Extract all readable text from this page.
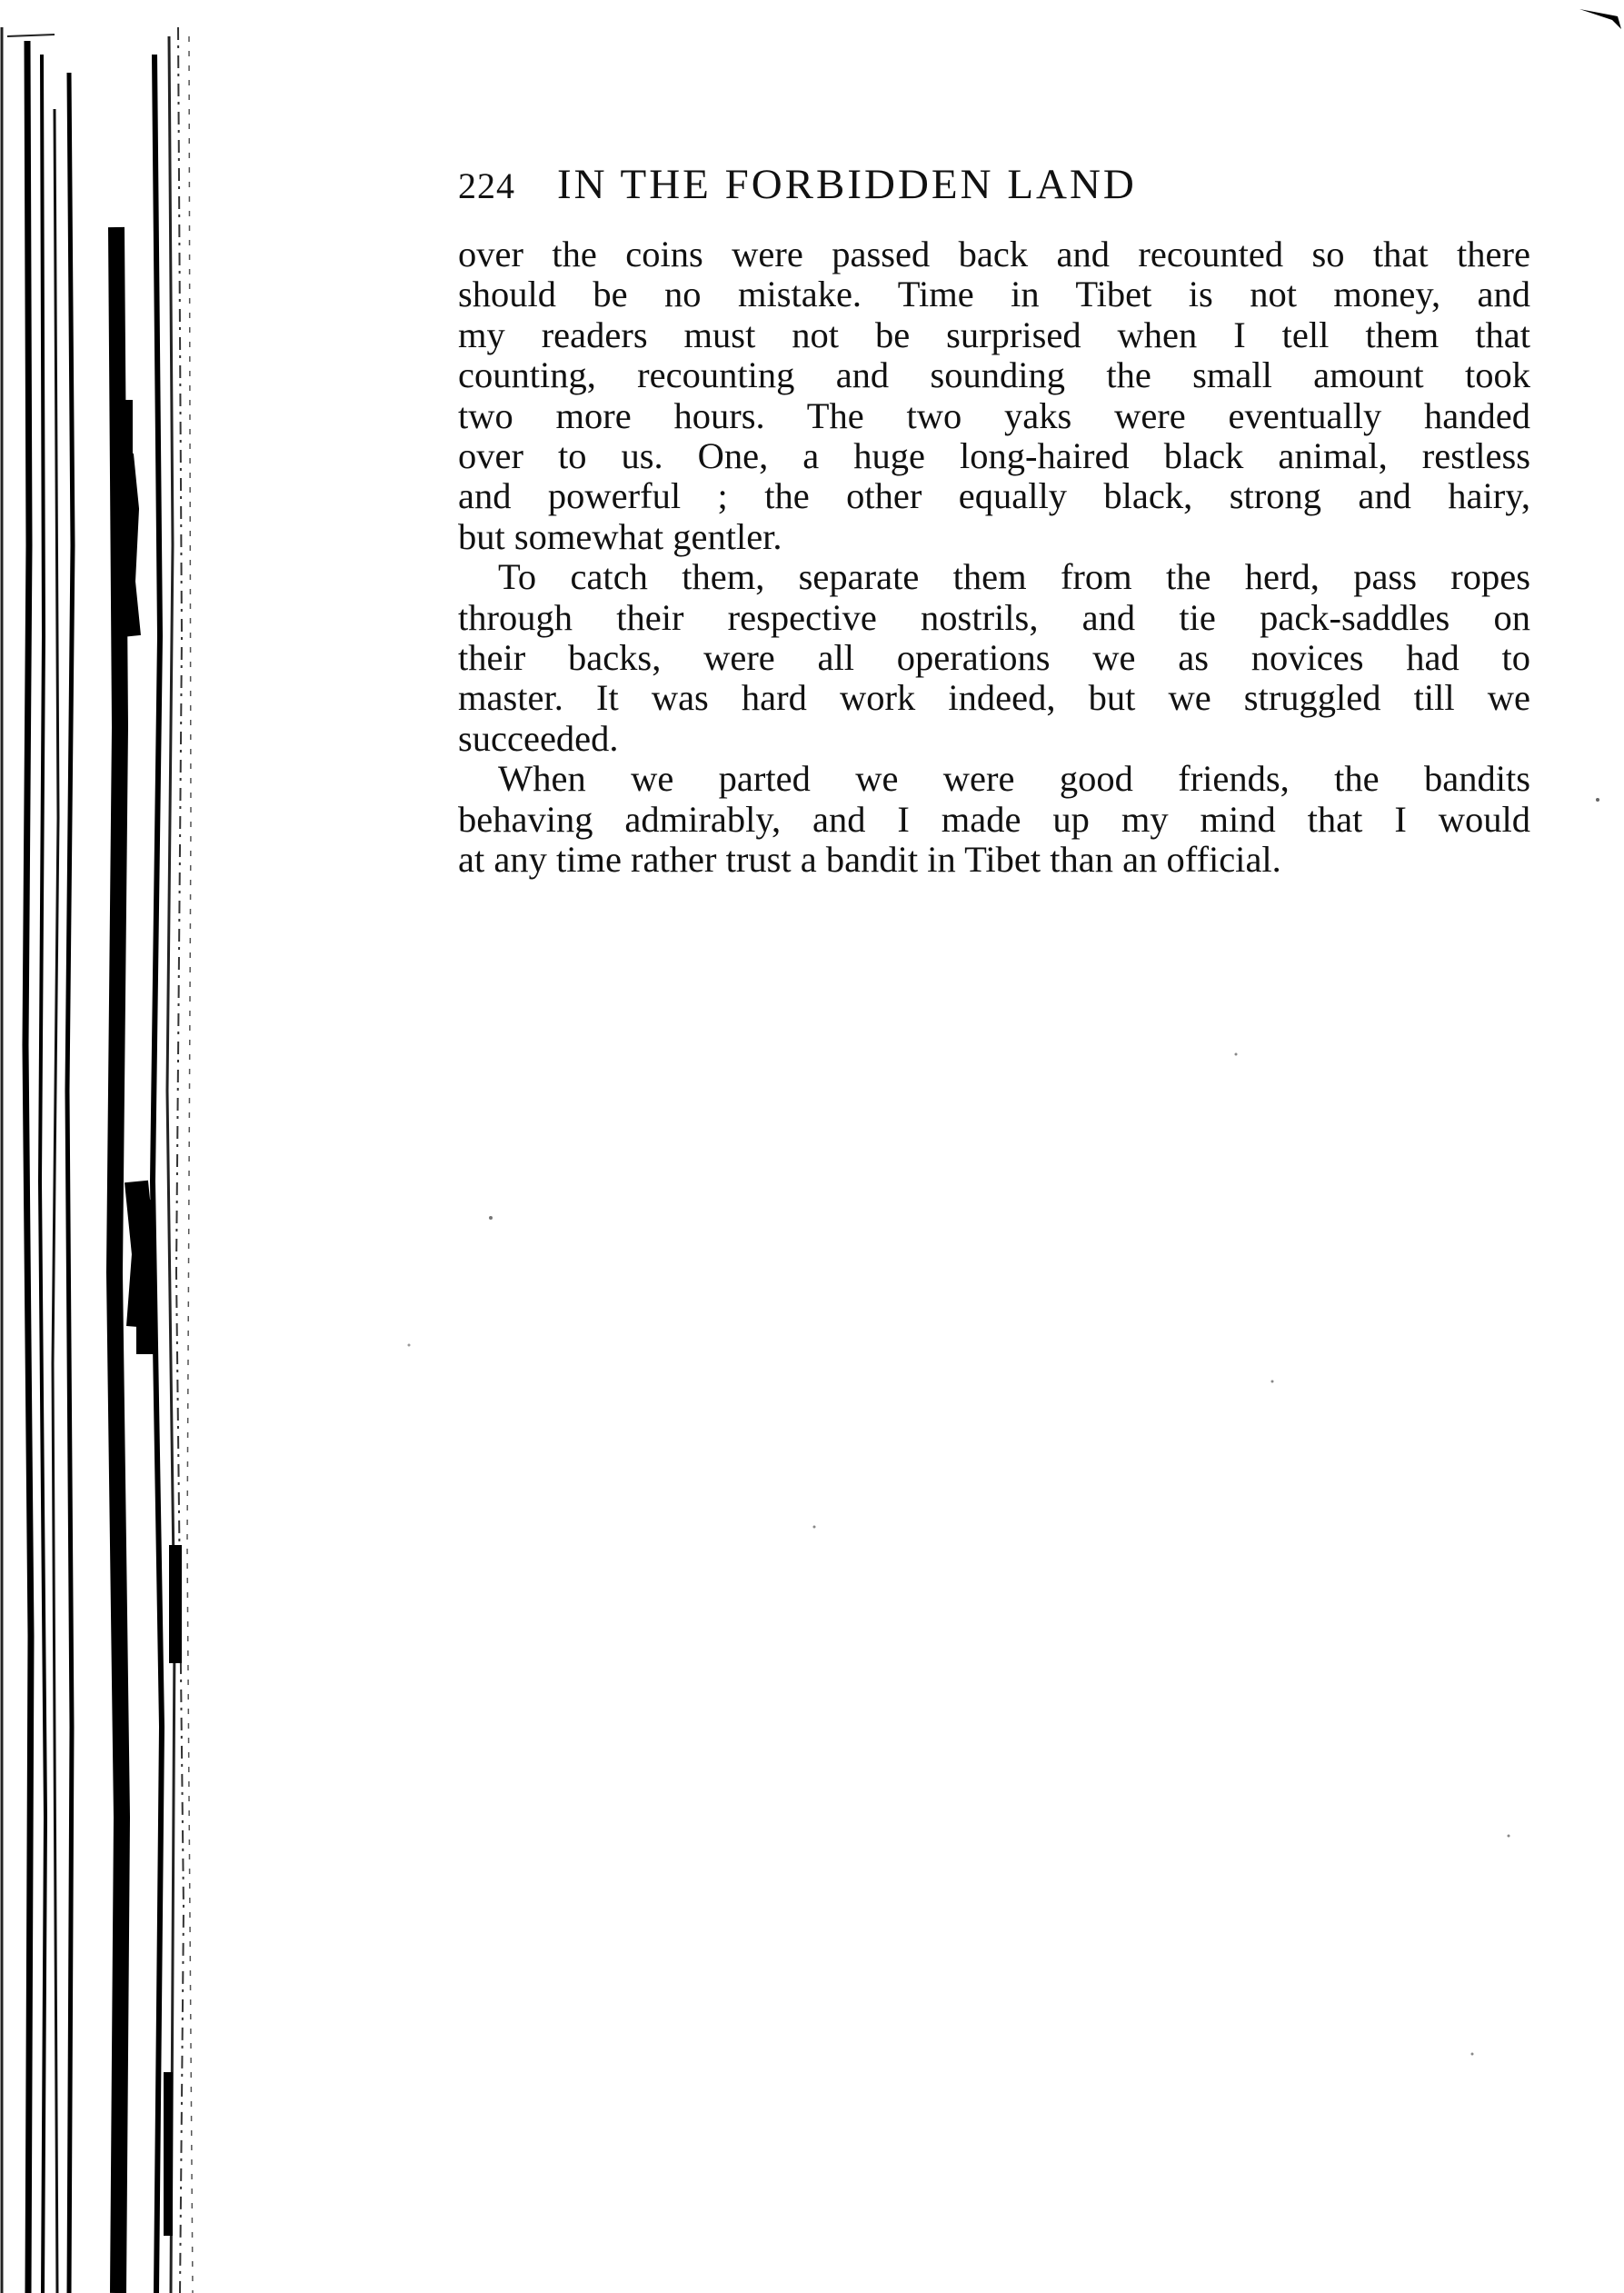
224 IN THE FORBIDDEN LAND

over the coins were passed back and recounted so that there
should be no mistake. Time in Tibet is not money, and
my readers must not be surprised when I tell them that
counting, recounting and sounding the small amount took
two more hours. The two yaks were eventually handed
over to us. One, a huge long-haired black animal, restless
and powerful ; the other equally black, strong and hairy,
but somewhat gentler.

To catch them, separate them from the herd, pass ropes
through their respective nostrils, and tie pack-saddles on
their backs, were all operations we as novices had to
master. It was hard work indeed, but we struggled till we
succeeded.

When we parted we were good friends, the bandits
behaving admirably, and I made up my mind that I would
at any time rather trust a bandit in Tibet than an official.
